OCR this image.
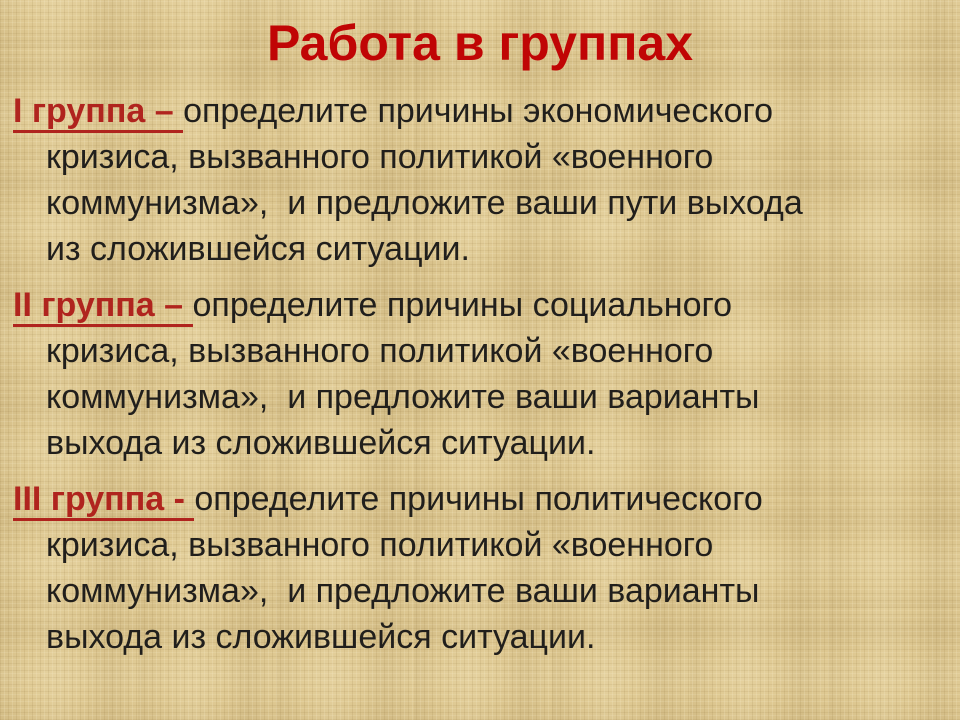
Работа в группах
I группа – определите причины экономического
кризиса, вызванного политикой «военного
коммунизма»,  и предложите ваши пути выхода
из сложившейся ситуации.
II группа – определите причины социального
кризиса, вызванного политикой «военного
коммунизма»,  и предложите ваши варианты
выхода из сложившейся ситуации.
III группа - определите причины политического
кризиса, вызванного политикой «военного
коммунизма»,  и предложите ваши варианты
выхода из сложившейся ситуации.
